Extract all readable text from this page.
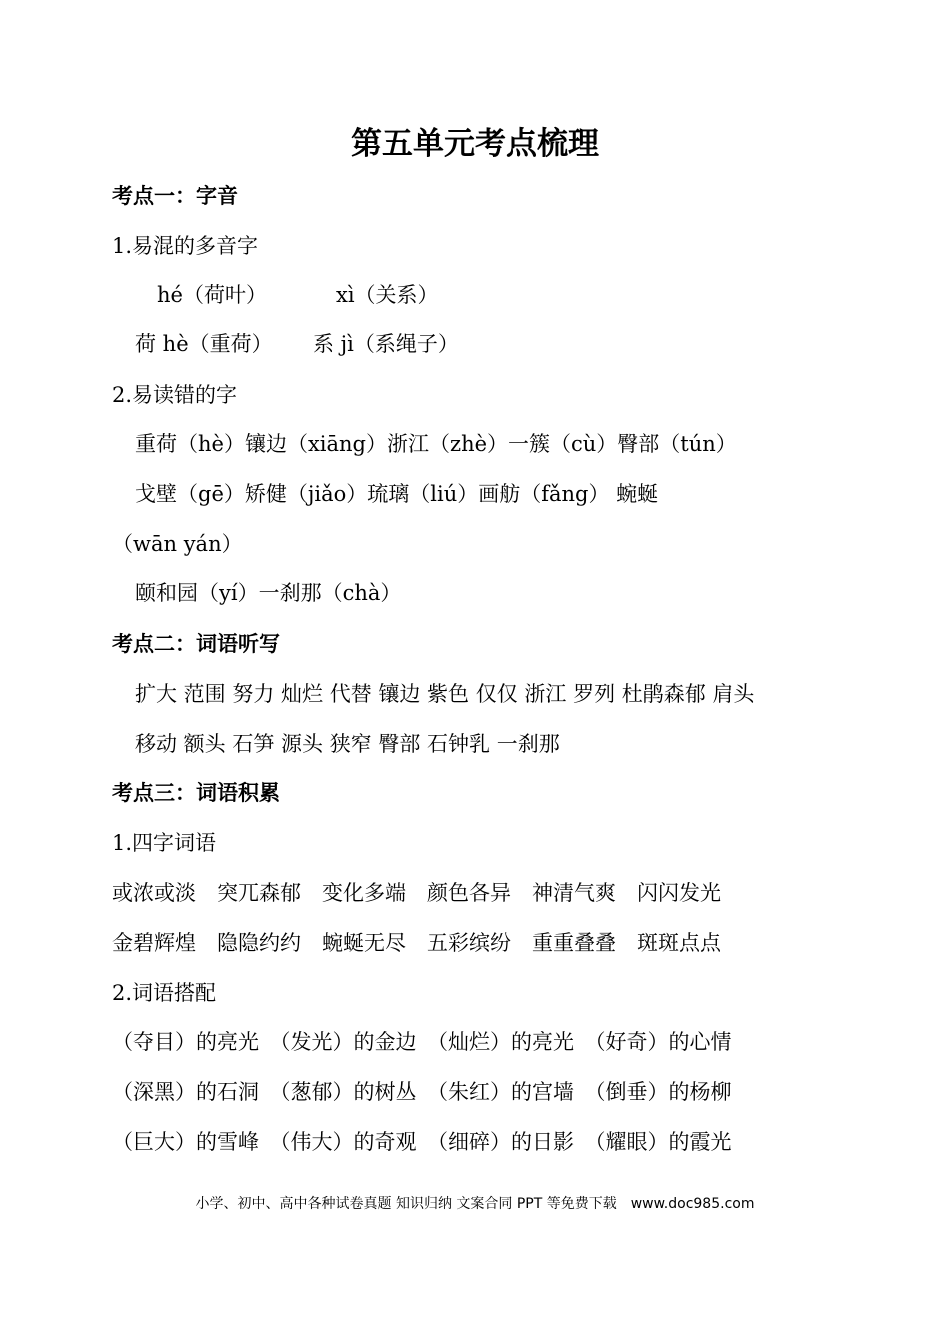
第五单元考点梳理
考点一：字音
1.易混的多音字
hé（荷叶）	xì（关系）
荷 hè（重荷） 系 jì（系绳子）
2.易读错的字
重荷（hè）镶边（xiāng）浙江（zhè）一簇（cù）臀部（tún）
戈壁（gē）矫健（jiǎo）琉璃（liú）画舫（fǎng） 蜿蜒
（wān yán）
颐和园（yí）一刹那（chà）
考点二：词语听写
扩大 范围 努力 灿烂 代替 镶边 紫色 仅仅 浙江 罗列 杜鹃森郁 肩头
移动 额头 石笋 源头 狭窄 臀部 石钟乳 一刹那
考点三：词语积累
1.四字词语
或浓或淡　突兀森郁　变化多端　颜色各异　神清气爽　闪闪发光
金碧辉煌　隐隐约约　蜿蜒无尽　五彩缤纷　重重叠叠　斑斑点点
2.词语搭配
（夺目）的亮光　（发光）的金边　（灿烂）的亮光　（好奇）的心情
（深黑）的石洞　（葱郁）的树丛　（朱红）的宫墙　（倒垂）的杨柳
（巨大）的雪峰　（伟大）的奇观　（细碎）的日影　（耀眼）的霞光
小学、初中、高中各种试卷真题 知识归纳 文案合同 PPT 等免费下载　www.doc985.com
